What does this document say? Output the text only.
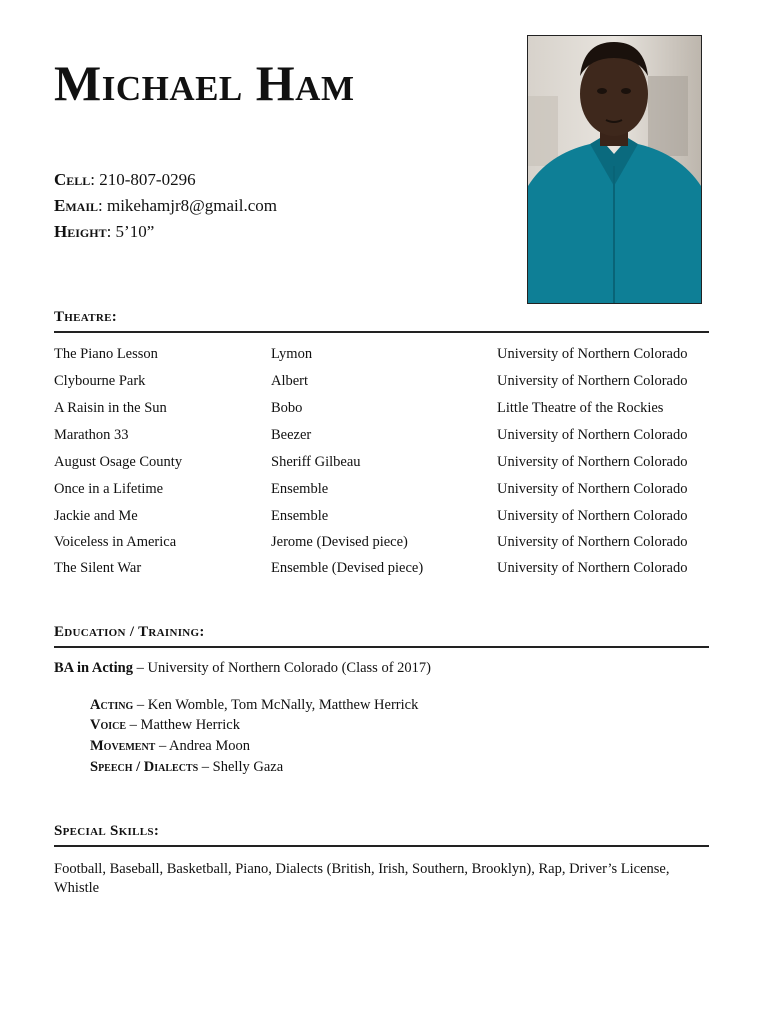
Michael Ham
Cell: 210-807-0296
Email: mikehamjr8@gmail.com
Height: 5’10”
Theatre:
The Piano Lesson	Lymon	University of Northern Colorado
Clybourne Park	Albert	University of Northern Colorado
A Raisin in the Sun	Bobo	Little Theatre of the Rockies
Marathon 33	Beezer	University of Northern Colorado
August Osage County	Sheriff Gilbeau	University of Northern Colorado
Once in a Lifetime	Ensemble	University of Northern Colorado
Jackie and Me	Ensemble	University of Northern Colorado
Voiceless in America	Jerome (Devised piece)	University of Northern Colorado
The Silent War	Ensemble (Devised piece)	University of Northern Colorado
Education / Training:
BA in Acting – University of Northern Colorado (Class of 2017)
Acting – Ken Womble, Tom McNally, Matthew Herrick
Voice – Matthew Herrick
Movement – Andrea Moon
Speech / Dialects – Shelly Gaza
Special Skills:
Football, Baseball, Basketball, Piano, Dialects (British, Irish, Southern, Brooklyn), Rap, Driver’s License, Whistle
